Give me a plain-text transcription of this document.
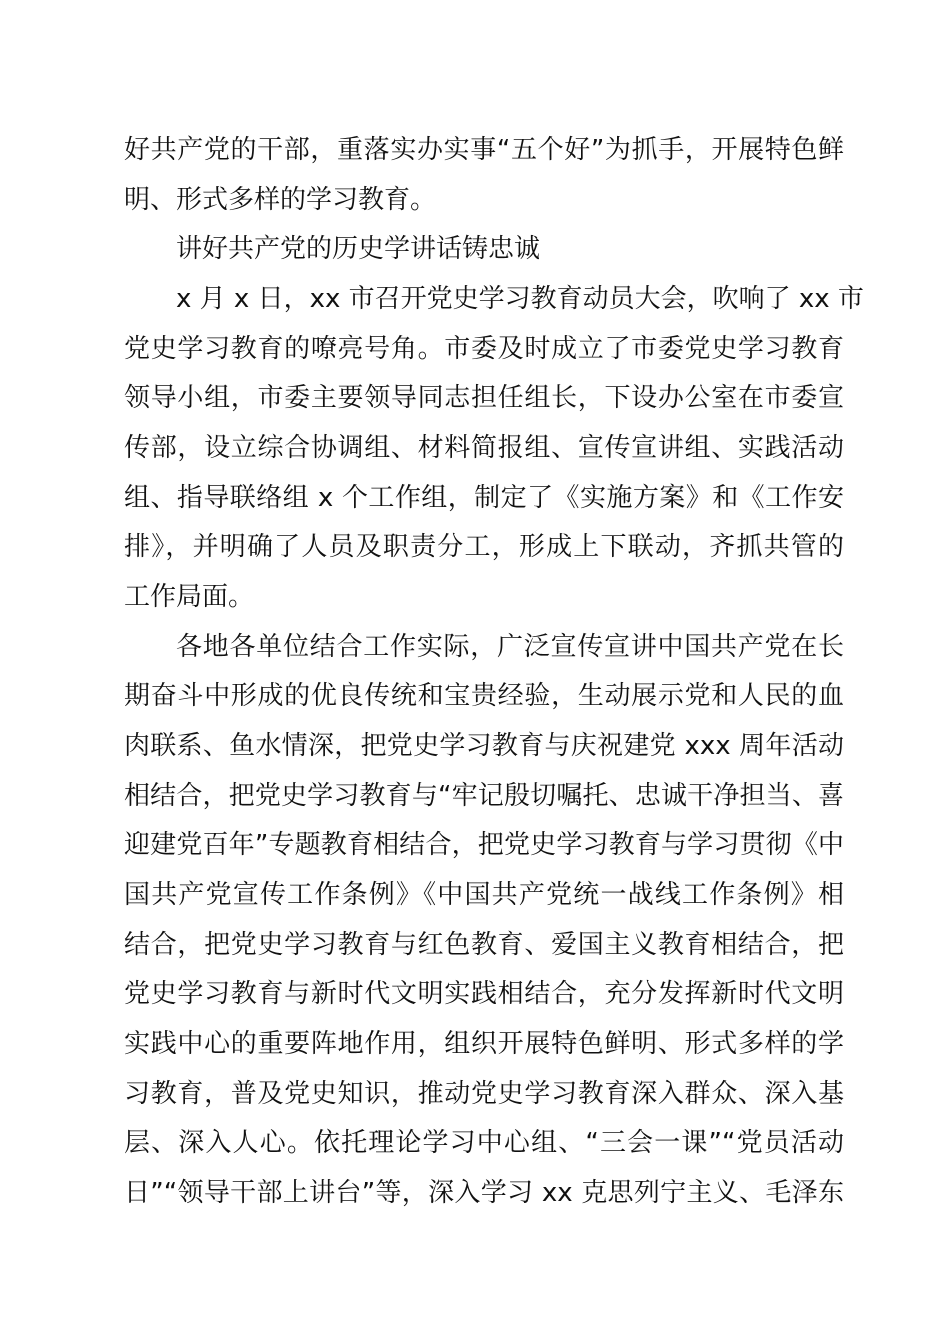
好共产党的干部，重落实办实事“五个好”为抓手，开展特色鲜
明、形式多样的学习教育。
讲好共产党的历史学讲话铸忠诚
x 月 x 日，xx 市召开党史学习教育动员大会，吹响了 xx 市
党史学习教育的嘹亮号角。市委及时成立了市委党史学习教育
领导小组，市委主要领导同志担任组长，下设办公室在市委宣
传部，设立综合协调组、材料简报组、宣传宣讲组、实践活动
组、指导联络组 x 个工作组，制定了《实施方案》和《工作安
排》，并明确了人员及职责分工，形成上下联动，齐抓共管的
工作局面。
各地各单位结合工作实际，广泛宣传宣讲中国共产党在长
期奋斗中形成的优良传统和宝贵经验，生动展示党和人民的血
肉联系、鱼水情深，把党史学习教育与庆祝建党 xxx 周年活动
相结合，把党史学习教育与“牢记殷切嘱托、忠诚干净担当、喜
迎建党百年”专题教育相结合，把党史学习教育与学习贯彻《中
国共产党宣传工作条例》《中国共产党统一战线工作条例》相
结合，把党史学习教育与红色教育、爱国主义教育相结合，把
党史学习教育与新时代文明实践相结合，充分发挥新时代文明
实践中心的重要阵地作用，组织开展特色鲜明、形式多样的学
习教育，普及党史知识，推动党史学习教育深入群众、深入基
层、深入人心。依托理论学习中心组、“三会一课”“党员活动
日”“领导干部上讲台”等，深入学习 xx 克思列宁主义、毛泽东
